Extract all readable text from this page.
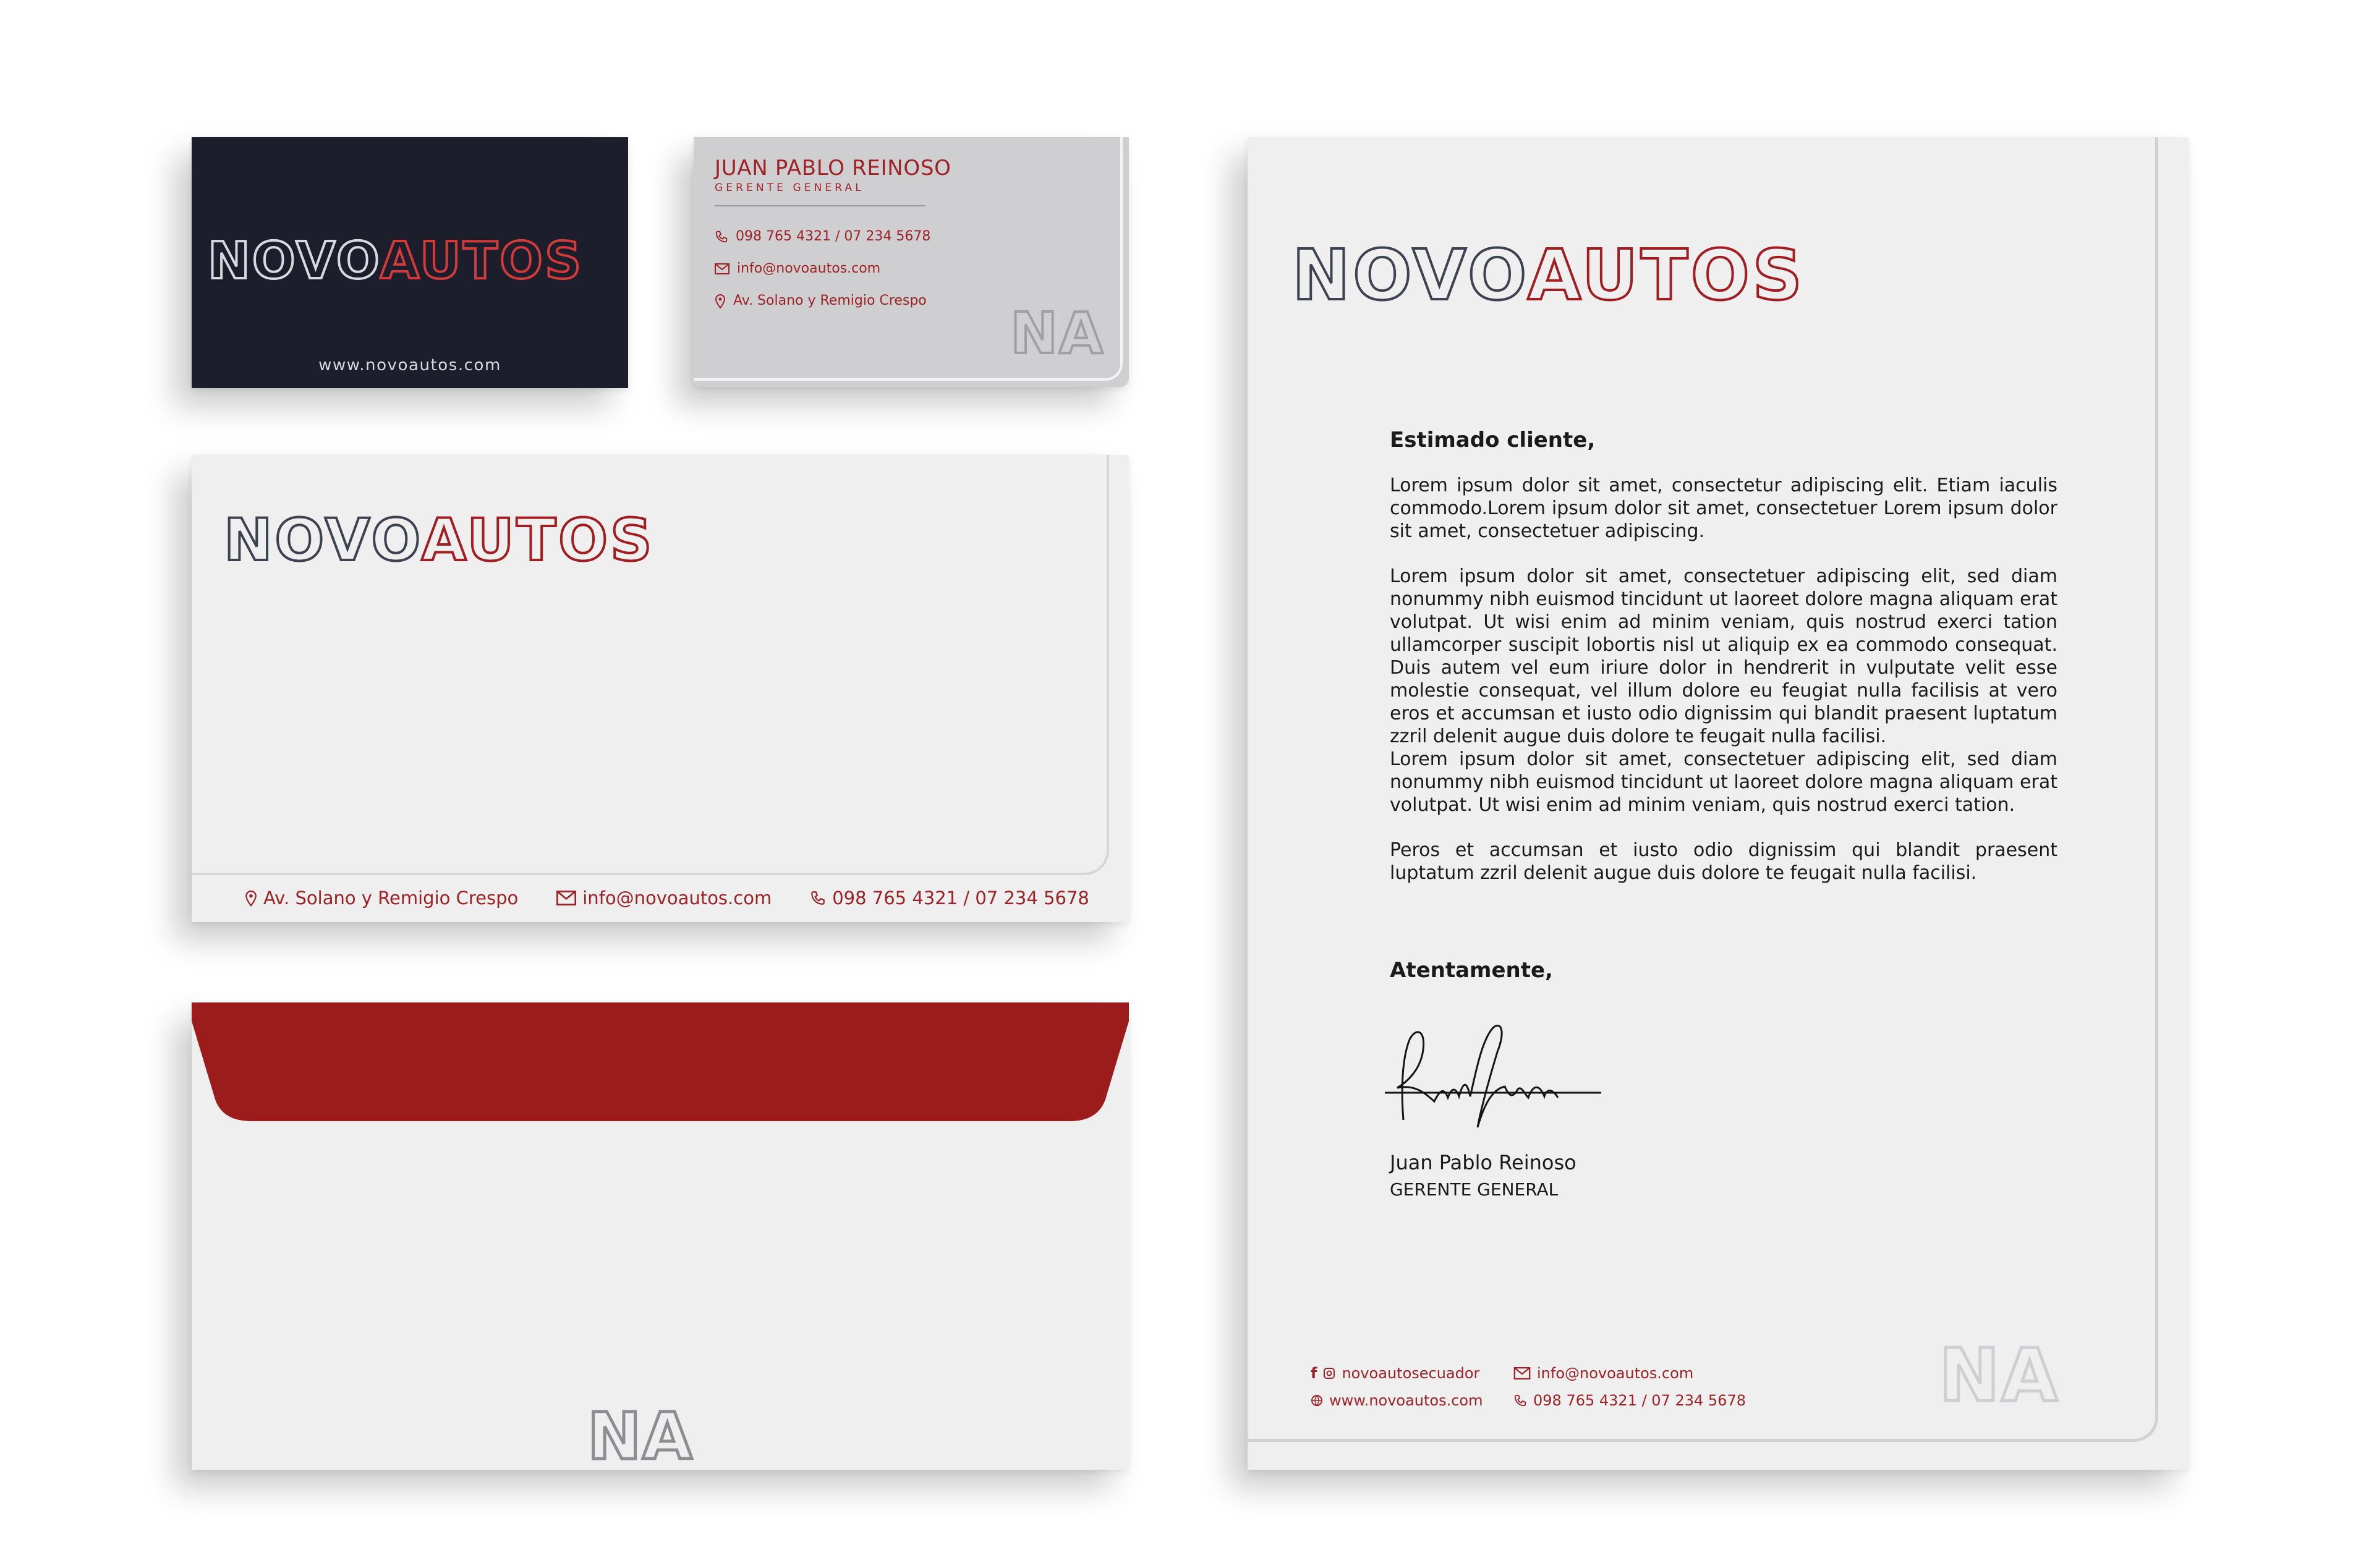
NOVOAUTOS
www.novoautos.com
JUAN PABLO REINOSO
GERENTE GENERAL
098 765 4321 / 07 234 5678
info@novoautos.com
Av. Solano y Remigio Crespo NA
NOVOAUTOS
Av. Solano y Remigio Crespo	info@novoautos.com	098 765 4321 / 07 234 5678
NA
NOVOAUTOS

Estimado cliente,

Lorem ipsum dolor sit amet, consectetur adipiscing elit. Etiam iaculis commodo.Lorem ipsum dolor sit amet, consectetuer Lorem ipsum dolor sit amet, consectetuer adipiscing.

Lorem ipsum dolor sit amet, consectetuer adipiscing elit, sed diam nonummy nibh euismod tincidunt ut laoreet dolore magna aliquam erat volutpat. Ut wisi enim ad minim veniam, quis nostrud exerci tation ullamcorper suscipit lobortis nisl ut aliquip ex ea commodo consequat. Duis autem vel eum iriure dolor in hendrerit in vulputate velit esse molestie consequat, vel illum dolore eu feugiat nulla facilisis at vero eros et accumsan et iusto odio dignissim qui blandit praesent luptatum zzril delenit augue duis dolore te feugait nulla facilisi.

Lorem ipsum dolor sit amet, consectetuer adipiscing elit, sed diam nonummy nibh euismod tincidunt ut laoreet dolore magna aliquam erat volutpat. Ut wisi enim ad minim veniam, quis nostrud exerci tation.

Peros et accumsan et iusto odio dignissim qui blandit praesent luptatum zzril delenit augue duis dolore te feugait nulla facilisi.

Atentamente,
Juan Pablo Reinoso
GERENTE GENERAL
f novoautosecuador
www.novoautos.com
info@novoautos.com
098 765 4321 / 07 234 5678	NA
